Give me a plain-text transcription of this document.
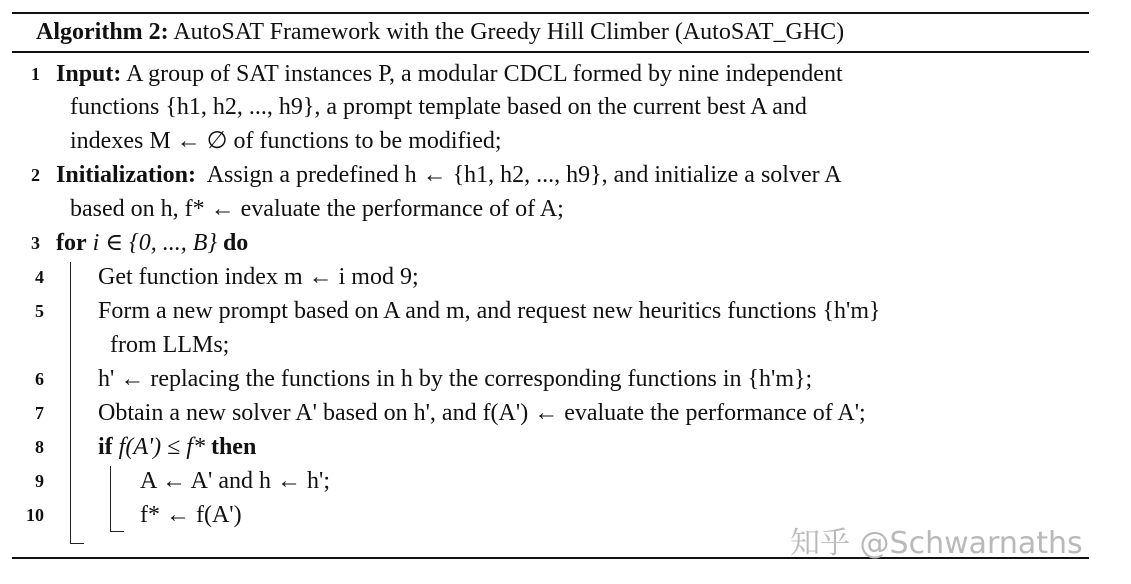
Algorithm 2: AutoSAT Framework with the Greedy Hill Climber (AutoSAT_GHC)
1 Input: A group of SAT instances P, a modular CDCL formed by nine independent
functions {h1, h2, ..., h9}, a prompt template based on the current best A and
indexes M ← ∅ of functions to be modified;
2 Initialization: Assign a predefined h ← {h1, h2, ..., h9}, and initialize a solver A
based on h, f* ← evaluate the performance of of A;
3 for i ∈ {0, ..., B} do
4 Get function index m ← i mod 9;
5 Form a new prompt based on A and m, and request new heuritics functions {h'm}
from LLMs;
6 h' ← replacing the functions in h by the corresponding functions in {h'm};
7 Obtain a new solver A' based on h', and f(A') ← evaluate the performance of A';
8 if f(A') ≤ f* then
9	A ← A' and h ← h';
10	f* ← f(A')
知乎 @Schwarnaths
